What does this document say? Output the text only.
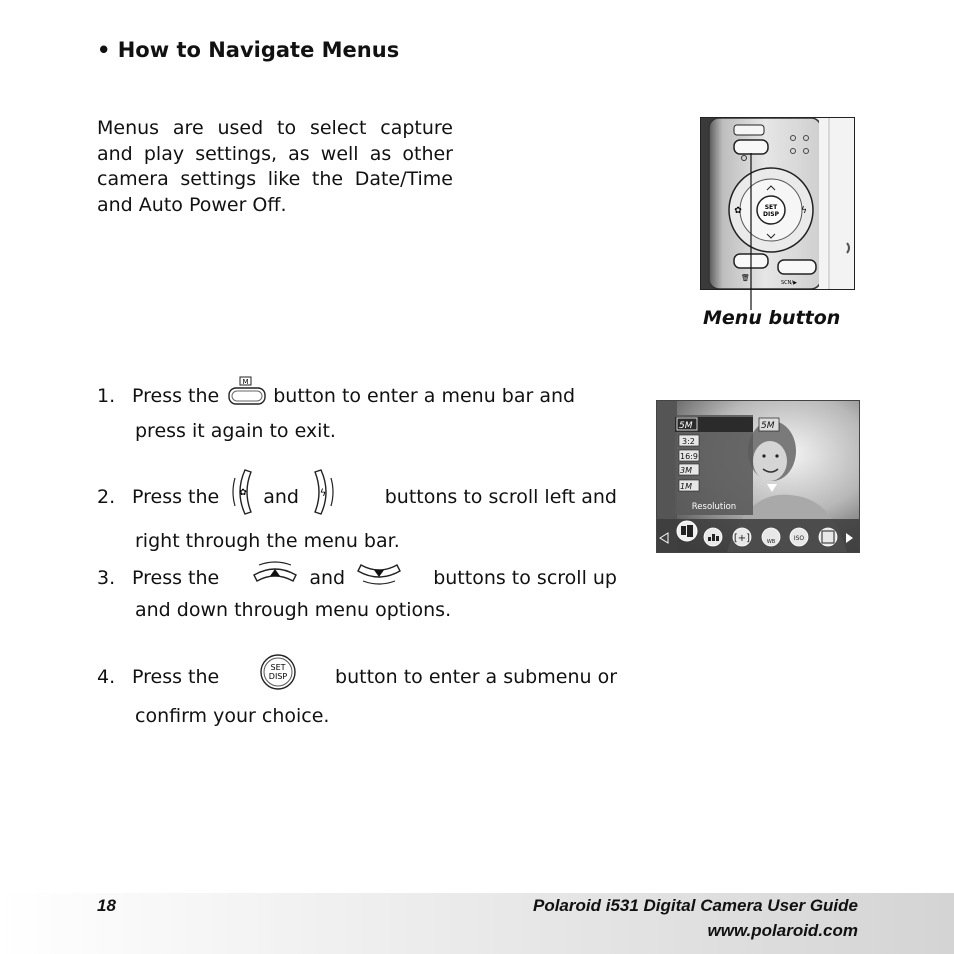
• How to Navigate Menus
Menus are used to select capture and play settings, as well as other camera settings like the Date/Time and Auto Power Off.	SET
DISP
✿	ϟ
🗑
SCN/▶
Menu button
1. Press the
M
button to enter a menu bar and
press it again to exit.
2. Press the ✿ and ϟ	buttons to scroll left and
right through the menu bar.
3. Press the	and	buttons to scroll up
and down through menu options.
4. Press the	SET
DISP	button to enter a submenu or
confirm your choice.
5M
3:2
16:9
3M
1M
Resolution
5M
[+]	WB	ISO
18	Polaroid i531 Digital Camera User Guide
www.polaroid.com
